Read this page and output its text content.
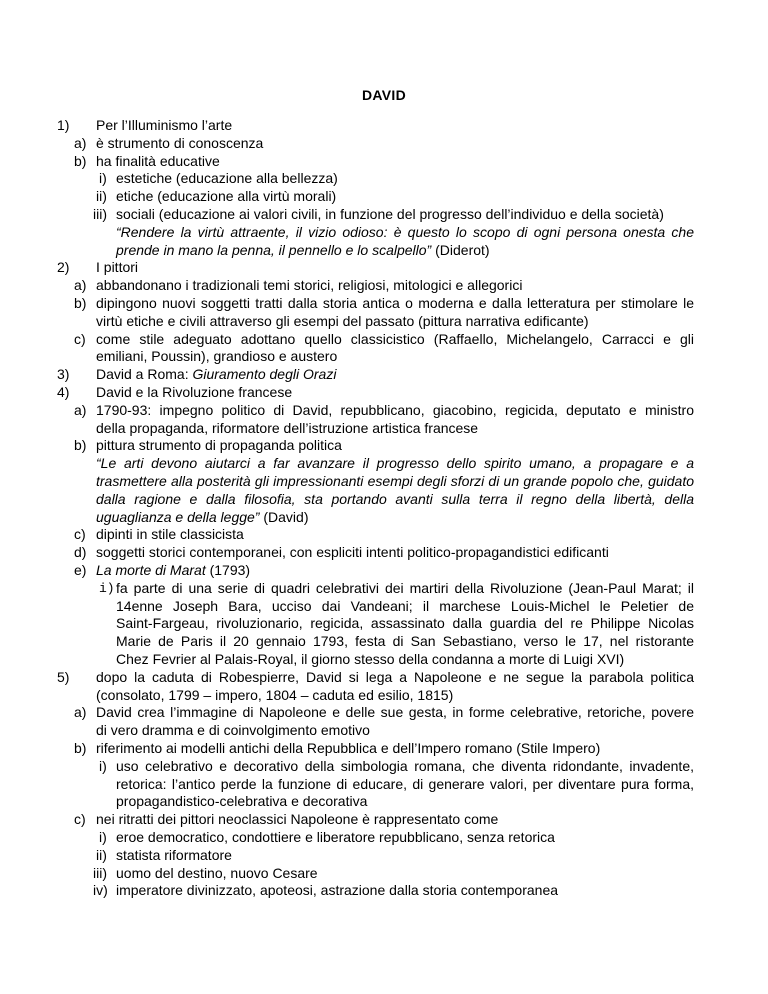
DAVID
1) Per l’Illuminismo l’arte
a) è strumento di conoscenza
b) ha finalità educative
i) estetiche (educazione alla bellezza)
ii) etiche (educazione alla virtù morali)
iii) sociali (educazione ai valori civili, in funzione del progresso dell’individuo e della società)
“Rendere la virtù attraente, il vizio odioso: è questo lo scopo di ogni persona onesta che
prende in mano la penna, il pennello e lo scalpello” (Diderot)
2) I pittori
a) abbandonano i tradizionali temi storici, religiosi, mitologici e allegorici
b) dipingono nuovi soggetti tratti dalla storia antica o moderna e dalla letteratura per stimolare le
virtù etiche e civili attraverso gli esempi del passato (pittura narrativa edificante)
c) come stile adeguato adottano quello classicistico (Raffaello, Michelangelo, Carracci e gli
emiliani, Poussin), grandioso e austero
3) David a Roma: Giuramento degli Orazi
4) David e la Rivoluzione francese
a) 1790-93: impegno politico di David, repubblicano, giacobino, regicida, deputato e ministro
della propaganda, riformatore dell’istruzione artistica francese
b) pittura strumento di propaganda politica
“Le arti devono aiutarci a far avanzare il progresso dello spirito umano, a propagare e a
trasmettere alla posterità gli impressionanti esempi degli sforzi di un grande popolo che, guidato
dalla ragione e dalla filosofia, sta portando avanti sulla terra il regno della libertà, della
uguaglianza e della legge” (David)
c) dipinti in stile classicista
d) soggetti storici contemporanei, con espliciti intenti politico-propagandistici edificanti
e) La morte di Marat (1793)
i) fa parte di una serie di quadri celebrativi dei martiri della Rivoluzione (Jean-Paul Marat; il
14enne Joseph Bara, ucciso dai Vandeani; il marchese Louis-Michel le Peletier de
Saint-Fargeau, rivoluzionario, regicida, assassinato dalla guardia del re Philippe Nicolas
Marie de Paris il 20 gennaio 1793, festa di San Sebastiano, verso le 17, nel ristorante
Chez Fevrier al Palais-Royal, il giorno stesso della condanna a morte di Luigi XVI)
5) dopo la caduta di Robespierre, David si lega a Napoleone e ne segue la parabola politica
(consolato, 1799 – impero, 1804 – caduta ed esilio, 1815)
a) David crea l’immagine di Napoleone e delle sue gesta, in forme celebrative, retoriche, povere
di vero dramma e di coinvolgimento emotivo
b) riferimento ai modelli antichi della Repubblica e dell’Impero romano (Stile Impero)
i) uso celebrativo e decorativo della simbologia romana, che diventa ridondante, invadente,
retorica: l’antico perde la funzione di educare, di generare valori, per diventare pura forma,
propagandistico-celebrativa e decorativa
c) nei ritratti dei pittori neoclassici Napoleone è rappresentato come
i) eroe democratico, condottiere e liberatore repubblicano, senza retorica
ii) statista riformatore
iii) uomo del destino, nuovo Cesare
iv) imperatore divinizzato, apoteosi, astrazione dalla storia contemporanea
